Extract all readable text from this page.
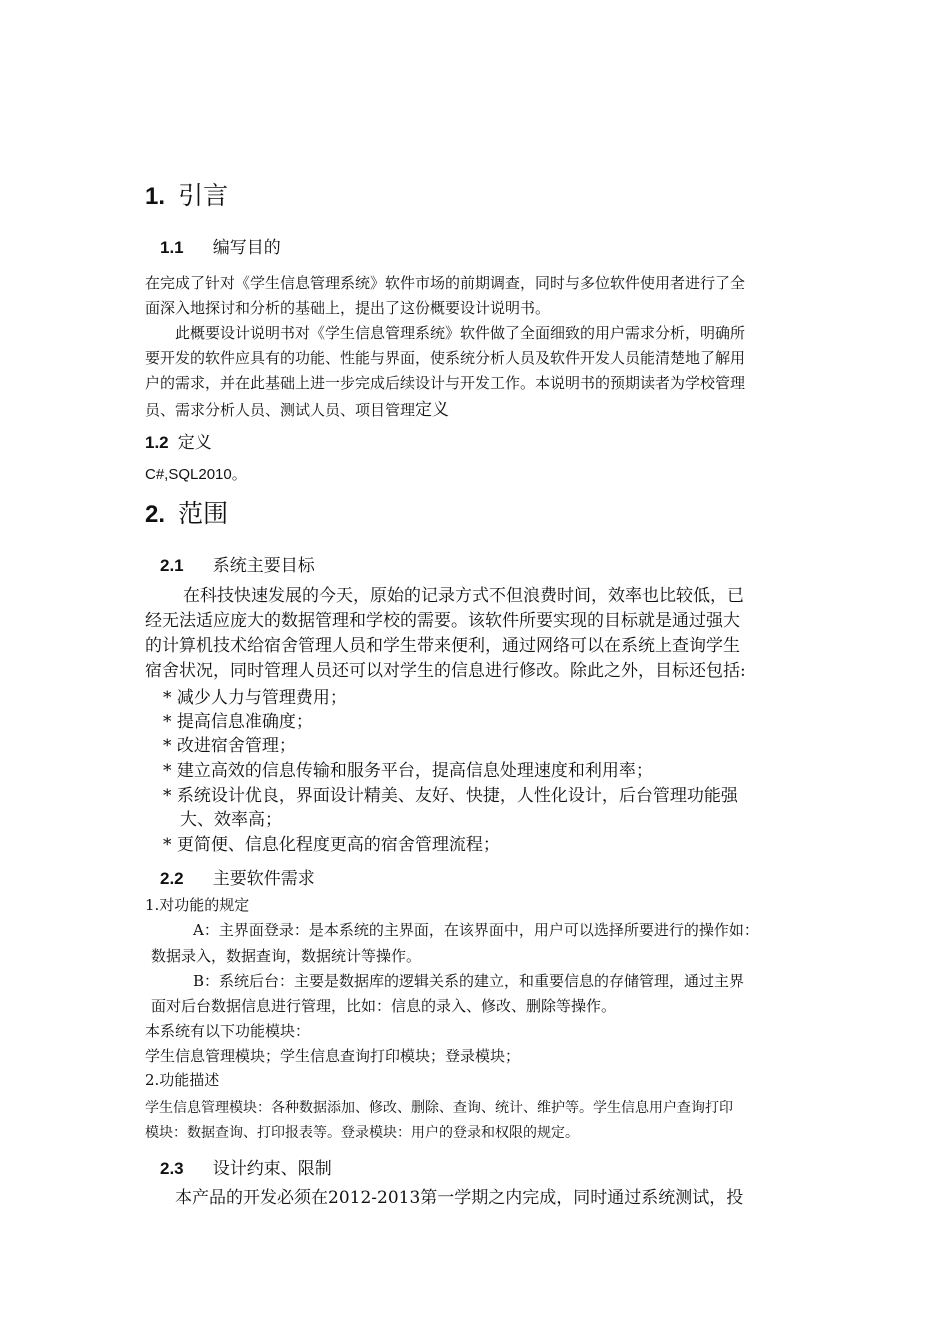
1. 引言
1.1 编写目的
在完成了针对《学生信息管理系统》软件市场的前期调查，同时与多位软件使用者进行了全
面深入地探讨和分析的基础上，提出了这份概要设计说明书。
此概要设计说明书对《学生信息管理系统》软件做了全面细致的用户需求分析，明确所
要开发的软件应具有的功能、性能与界面，使系统分析人员及软件开发人员能清楚地了解用
户的需求，并在此基础上进一步完成后续设计与开发工作。本说明书的预期读者为学校管理
员、需求分析人员、测试人员、项目管理定义
1.2 定义
C#,SQL2010。
2. 范围
2.1 系统主要目标
在科技快速发展的今天，原始的记录方式不但浪费时间，效率也比较低，已
经无法适应庞大的数据管理和学校的需要。该软件所要实现的目标就是通过强大
的计算机技术给宿舍管理人员和学生带来便利，通过网络可以在系统上查询学生
宿舍状况，同时管理人员还可以对学生的信息进行修改。除此之外，目标还包括:
* 减少人力与管理费用；
* 提高信息准确度；
* 改进宿舍管理；
* 建立高效的信息传输和服务平台，提高信息处理速度和利用率；
* 系统设计优良，界面设计精美、友好、快捷，人性化设计，后台管理功能强
大、效率高；
* 更简便、信息化程度更高的宿舍管理流程；
2.2 主要软件需求
1.对功能的规定
A：主界面登录：是本系统的主界面，在该界面中，用户可以选择所要进行的操作如：
数据录入，数据查询，数据统计等操作。
B：系统后台：主要是数据库的逻辑关系的建立，和重要信息的存储管理，通过主界
面对后台数据信息进行管理，比如：信息的录入、修改、删除等操作。
本系统有以下功能模块：
学生信息管理模块；学生信息查询打印模块；登录模块；
2.功能描述
学生信息管理模块：各种数据添加、修改、删除、查询、统计、维护等。学生信息用户查询打印
模块：数据查询、打印报表等。登录模块：用户的登录和权限的规定。
2.3 设计约束、限制
本产品的开发必须在2012-2013第一学期之内完成，同时通过系统测试，投
